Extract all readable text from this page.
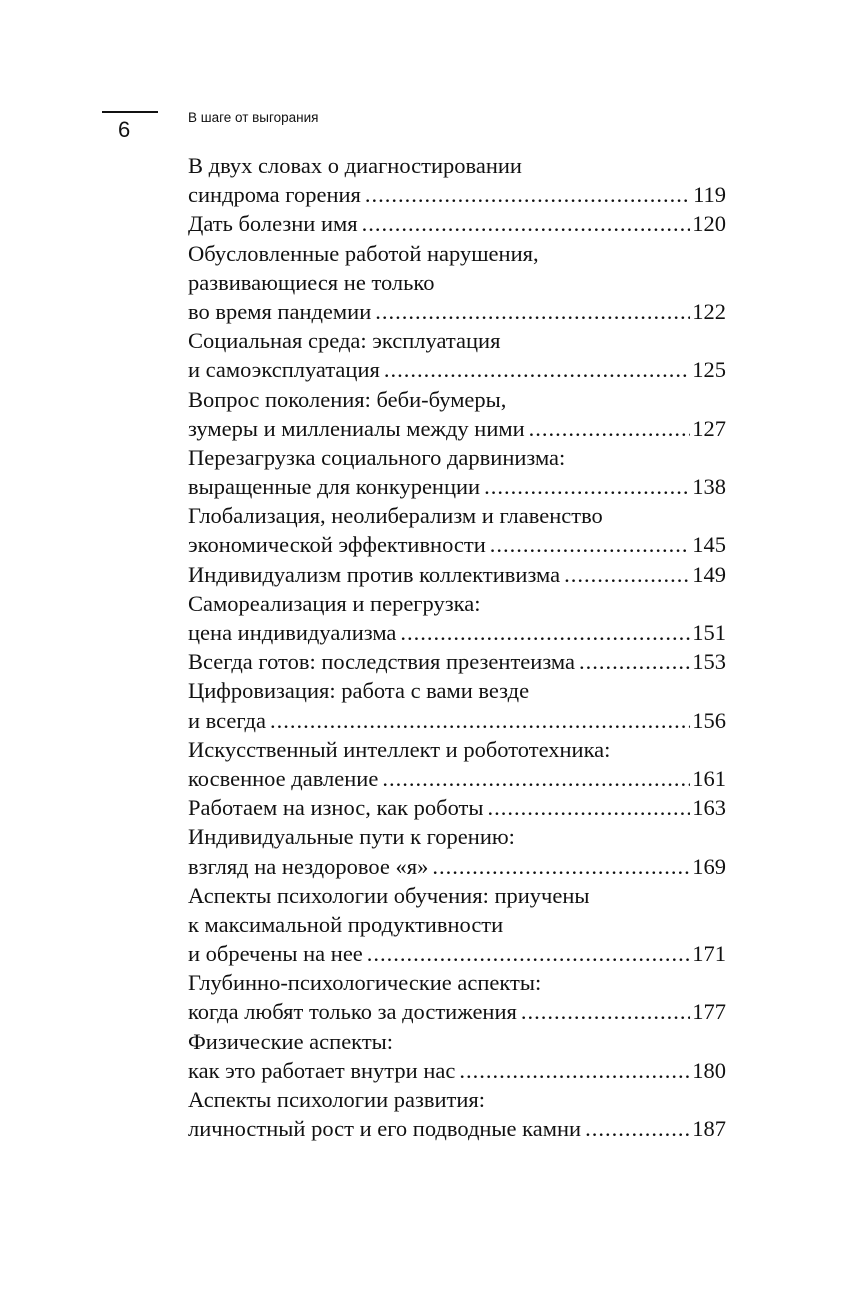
6	В шаге от выгорания
В двух словах о диагностировании
синдрома горения .....	119
Дать болезни имя .....	120
Обусловленные работой нарушения,
развивающиеся не только
во время пандемии .....	122
Социальная среда: эксплуатация
и самоэксплуатация .....	125
Вопрос поколения: беби-бумеры,
зумеры и миллениалы между ними .....	127
Перезагрузка социального дарвинизма:
выращенные для конкуренции .....	138
Глобализация, неолиберализм и главенство
экономической эффективности .....	145
Индивидуализм против коллективизма .....	149
Самореализация и перегрузка:
цена индивидуализма .....	151
Всегда готов: последствия презентеизма .....	153
Цифровизация: работа с вами везде
и всегда .....	156
Искусственный интеллект и робототехника:
косвенное давление .....	161
Работаем на износ, как роботы .....	163
Индивидуальные пути к горению:
взгляд на нездоровое «я» .....	169
Аспекты психологии обучения: приучены
к максимальной продуктивности
и обречены на нее .....	171
Глубинно-психологические аспекты:
когда любят только за достижения .....	177
Физические аспекты:
как это работает внутри нас .....	180
Аспекты психологии развития:
личностный рост и его подводные камни .....	187
